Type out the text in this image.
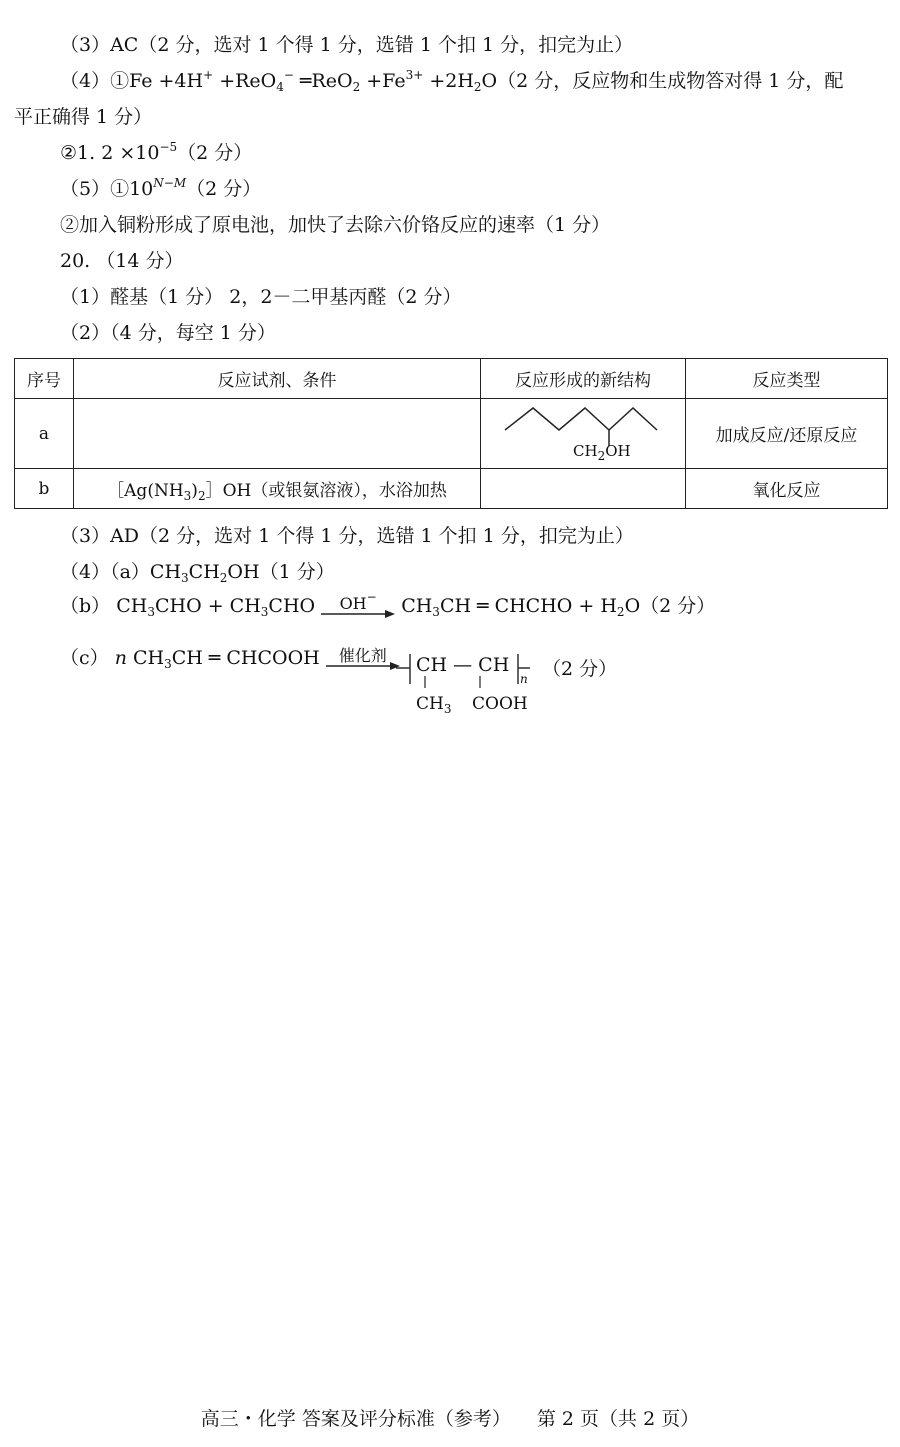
（3）AC（2 分，选对 1 个得 1 分，选错 1 个扣 1 分，扣完为止）
（4）①Fe +4H+ +ReO$_4$− ═ReO$_2$ $+Fe^{3+} +2H_2O(2$ 分，反应物和生成物答对得 1 分，配
平正确得 1 分）
②1. $2 \times 10^{-5}(2$ 分）
$(5)①10^{N-M}(2$ 分）
②加入铜粉形成了原电池，加快了去除六价铬反应的速率（1 分）
20. （14 分）
（1）醛基（1 分） 2，2－二甲基丙醛（2 分）
（2）（4 分，每空 1 分）
序号	反应试剂、条件	反应形成的新结构	反应类型
a		$CH_2OH$	加成反应/还原反应
b	$[Ag(NH_3)_2]OH$（或银氨溶液），水浴加热		氧化反应
（3）AD（2 分，选对 1 个得 1 分，选错 1 个扣 1 分，扣完为止）
$(4)(a)CH_3CH_2OH(1$ 分）
（b） $CH_3CHO + CH_3CHO$	OH−	$CH_3CH$ ═ CHCHO + $H_2O(2$ 分）
（c） n $CH_3CH$ ═ CHCOOH	催化剂	CH — CH
n
$CH_3$ COOH
（2 分）
高三・化学 答案及评分标准（参考） 第 2 页（共 2 页）
